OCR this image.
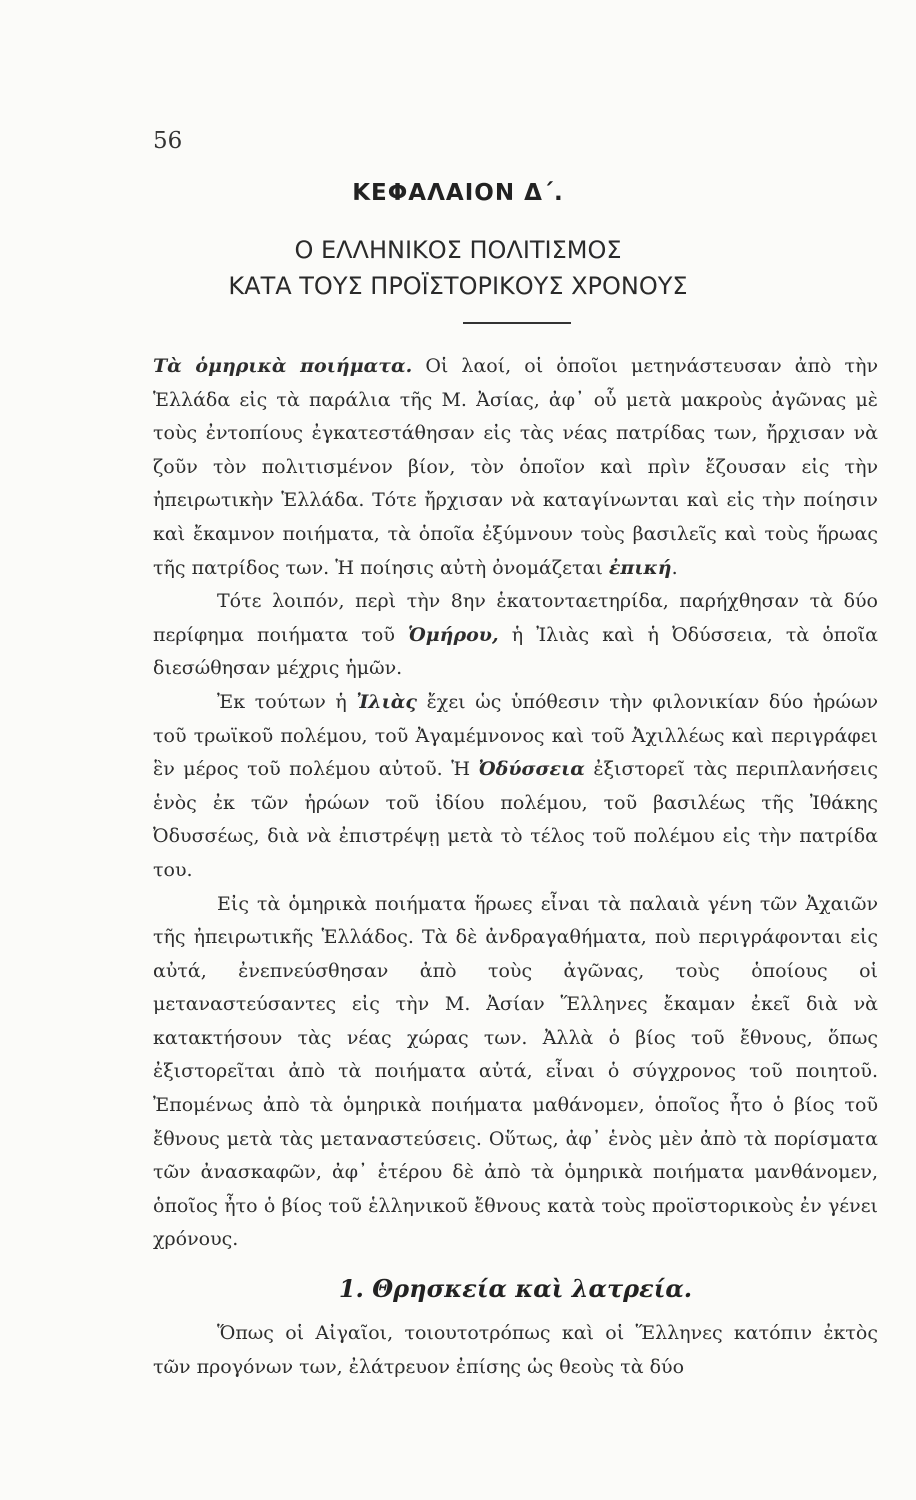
56
ΚΕΦΑΛΑΙΟΝ Δ΄.
Ο ΕΛΛΗΝΙΚΟΣ ΠΟΛΙΤΙΣΜΟΣ
ΚΑΤΑ ΤΟΥΣ ΠΡΟΪΣΤΟΡΙΚΟΥΣ ΧΡΟΝΟΥΣ

Τὰ ὁμηρικὰ ποιήματα. Οἱ λαοί, οἱ ὁποῖοι μετηνάστευσαν ἀπὸ τὴν Ἑλλάδα εἰς τὰ παράλια τῆς Μ. Ἀσίας, ἀφ᾽ οὗ μετὰ μακροὺς ἀγῶνας μὲ τοὺς ἐντοπίους ἐγκατεστάθησαν εἰς τὰς νέας πατρίδας των, ἤρχισαν νὰ ζοῦν τὸν πολιτισμένον βίον, τὸν ὁποῖον καὶ πρὶν ἔζουσαν εἰς τὴν ἠπειρωτικὴν Ἑλλάδα. Τότε ἤρχισαν νὰ καταγίνωνται καὶ εἰς τὴν ποίησιν καὶ ἔκαμνον ποιήματα, τὰ ὁποῖα ἐξύμνουν τοὺς βασιλεῖς καὶ τοὺς ἥρωας τῆς πατρίδος των. Ἡ ποίησις αὐτὴ ὀνομάζεται ἐπική.

Τότε λοιπόν, περὶ τὴν 8ην ἑκατονταετηρίδα, παρήχθησαν τὰ δύο περίφημα ποιήματα τοῦ Ὁμήρου, ἡ Ἰλιὰς καὶ ἡ Ὀδύσσεια, τὰ ὁποῖα διεσώθησαν μέχρις ἡμῶν.

Ἐκ τούτων ἡ Ἰλιὰς ἔχει ὡς ὑπόθεσιν τὴν φιλονικίαν δύο ἡρώων τοῦ τρωϊκοῦ πολέμου, τοῦ Ἀγαμέμνονος καὶ τοῦ Ἀχιλλέως καὶ περιγράφει ἓν μέρος τοῦ πολέμου αὐτοῦ. Ἡ Ὀδύσσεια ἐξιστορεῖ τὰς περιπλανήσεις ἑνὸς ἐκ τῶν ἡρώων τοῦ ἰδίου πολέμου, τοῦ βασιλέως τῆς Ἰθάκης Ὀδυσσέως, διὰ νὰ ἐπιστρέψῃ μετὰ τὸ τέλος τοῦ πολέμου εἰς τὴν πατρίδα του.

Εἰς τὰ ὁμηρικὰ ποιήματα ἥρωες εἶναι τὰ παλαιὰ γένη τῶν Ἀχαιῶν τῆς ἠπειρωτικῆς Ἑλλάδος. Τὰ δὲ ἀνδραγαθήματα, ποὺ περιγράφονται εἰς αὐτά, ἐνεπνεύσθησαν ἀπὸ τοὺς ἀγῶνας, τοὺς ὁποίους οἱ μεταναστεύσαντες εἰς τὴν Μ. Ἀσίαν Ἕλληνες ἔκαμαν ἐκεῖ διὰ νὰ κατακτήσουν τὰς νέας χώρας των. Ἀλλὰ ὁ βίος τοῦ ἔθνους, ὅπως ἐξιστορεῖται ἀπὸ τὰ ποιήματα αὐτά, εἶναι ὁ σύγχρονος τοῦ ποιητοῦ. Ἐπομένως ἀπὸ τὰ ὁμηρικὰ ποιήματα μαθάνομεν, ὁποῖος ἦτο ὁ βίος τοῦ ἔθνους μετὰ τὰς μεταναστεύσεις. Οὕτως, ἀφ᾽ ἑνὸς μὲν ἀπὸ τὰ πορίσματα τῶν ἀνασκαφῶν, ἀφ᾽ ἑτέρου δὲ ἀπὸ τὰ ὁμηρικὰ ποιήματα μανθάνομεν, ὁποῖος ἦτο ὁ βίος τοῦ ἑλληνικοῦ ἔθνους κατὰ τοὺς προϊστορικοὺς ἐν γένει χρόνους.

1. Θρησκεία καὶ λατρεία.

Ὅπως οἱ Αἰγαῖοι, τοιουτοτρόπως καὶ οἱ Ἕλληνες κατόπιν ἐκτὸς τῶν προγόνων των, ἐλάτρευον ἐπίσης ὡς θεοὺς τὰ δύο
